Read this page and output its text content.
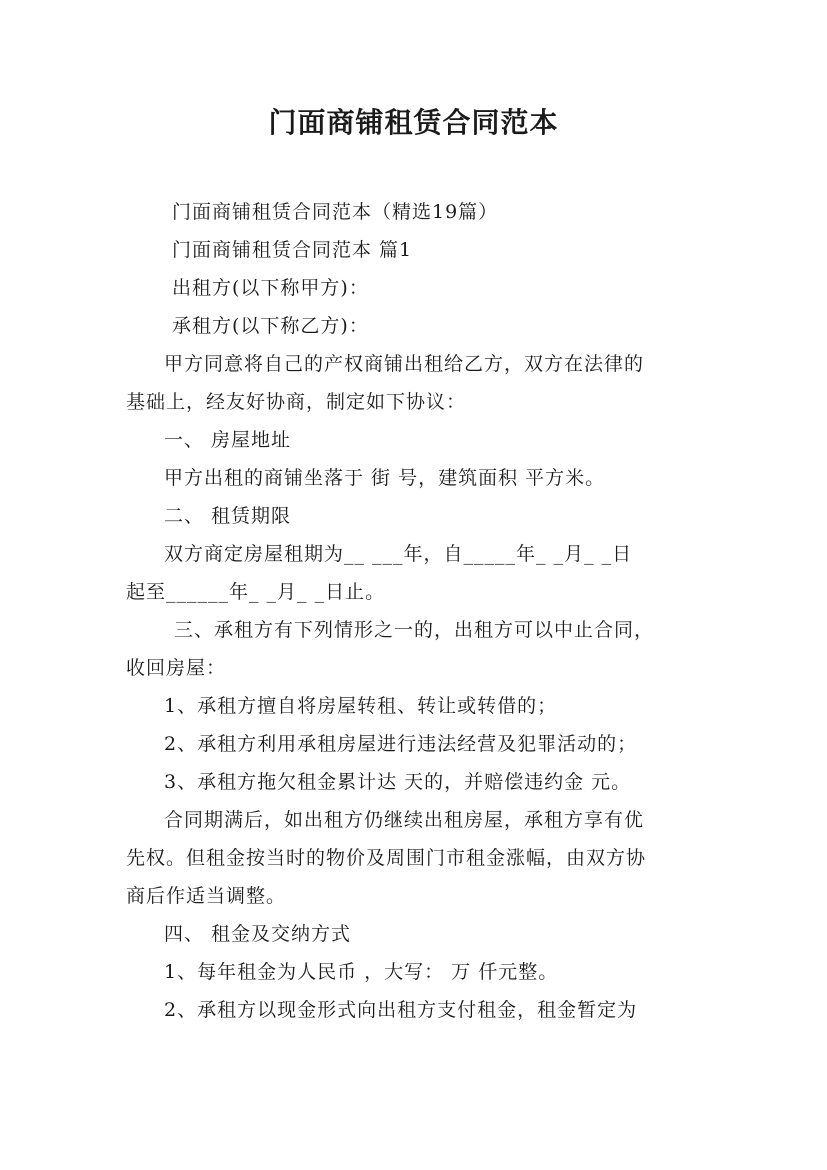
门面商铺租赁合同范本

门面商铺租赁合同范本（精选19篇）

门面商铺租赁合同范本 篇1

出租方(以下称甲方)：

承租方(以下称乙方)：

甲方同意将自己的产权商铺出租给乙方，双方在法律的

基础上，经友好协商，制定如下协议：

一、 房屋地址

甲方出租的商铺坐落于 街 号，建筑面积 平方米。

二、 租赁期限

双方商定房屋租期为__ ___年，自_____年_ _月_ _日

起至______年_ _月_ _日止。

三、承租方有下列情形之一的，出租方可以中止合同，

收回房屋：

1、承租方擅自将房屋转租、转让或转借的；

2、承租方利用承租房屋进行违法经营及犯罪活动的；

3、承租方拖欠租金累计达 天的，并赔偿违约金 元。

合同期满后，如出租方仍继续出租房屋，承租方享有优

先权。但租金按当时的物价及周围门市租金涨幅，由双方协

商后作适当调整。

四、 租金及交纳方式

1、每年租金为人民币 ，大写： 万 仟元整。

2、承租方以现金形式向出租方支付租金，租金暂定为
